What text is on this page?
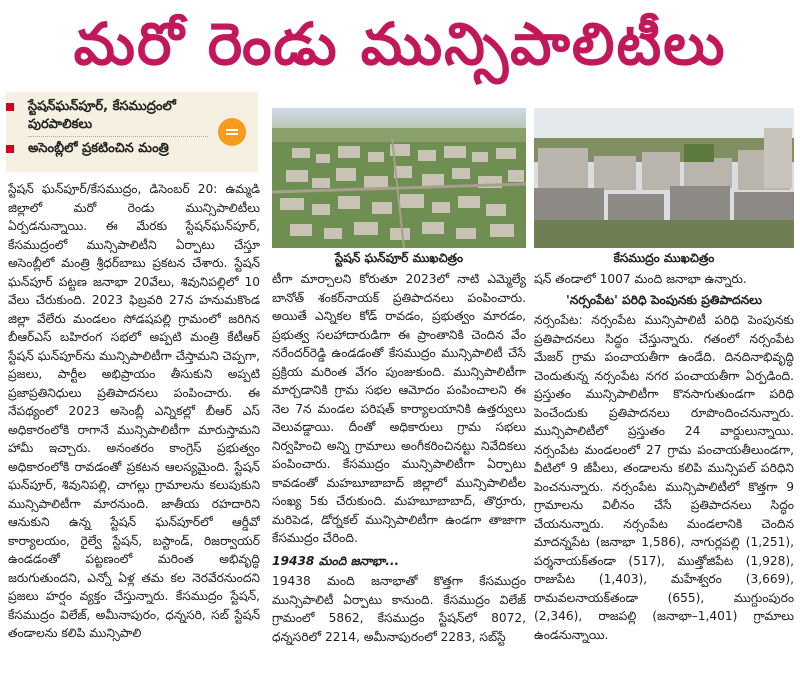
మరో రెండు మున్సిపాలిటీలు
స్టేషన్‌ఘన్‌పూర్‌, కేసముద్రంలో పురపాలికలు
అసెంబ్లీలో ప్రకటించిన మంత్రి
స్టేషన్‌ ఘన్‌పూర్‌ ముఖచిత్రం	కేసముద్రం ముఖచిత్రం

స్టేషన్‌ ఘన్‌పూర్‌/కేసముద్రం, డిసెంబర్‌ 20: ఉమ్మడి జిల్లాలో మరో రెండు మున్సిపాలిటీలు ఏర్పడనున్నాయి. ఈ మేరకు స్టేషన్‌ఘన్‌పూర్‌, కేసముద్రంలో మున్సిపాలిటీని ఏర్పాటు చేస్తూ అసెంబ్లీలో మంత్రి శ్రీధర్‌బాబు ప్రకటన చేశారు. స్టేషన్‌ ఘన్‌పూర్‌ పట్టణ జనాభా 20వేలు, శివునిపల్లిలో 10 వేలు చేరుకుంది. 2023 ఫిబ్రవరి 27న హనుమకొండ జిల్లా వేలేరు మండలం సోడషపల్లి గ్రామంలో జరిగిన బీఆర్‌ఎస్‌ బహిరంగ సభలో అప్పటి మంత్రి కేటీఆర్‌ స్టేషన్‌ ఘన్‌పూర్‌ను మున్సిపాలిటీగా చేస్తామని చెప్పగా, ప్రజలు, పార్టీల అభిప్రాయం తీసుకుని అప్పటి ప్రజాప్రతినిధులు ప్రతిపాదనలు పంపించారు. ఈ నేపథ్యంలో 2023 అసెంబ్లీ ఎన్నికల్లో బీఆర్‌ ఎస్‌ అధికారంలోకి రాగానే మున్సిపాలిటీగా మారుస్తామని హామీ ఇచ్చారు. అనంతరం కాంగ్రెస్‌ ప్రభుత్వం అధికారంలోకి రావడంతో ప్రకటన ఆలస్యమైంది. స్టేషన్‌ ఘన్‌పూర్‌, శివునిపల్లి, చాగల్లు గ్రామాలను కలుపుకుని మున్సిపాలిటీగా మారనుంది. జాతీయ రహదారిని ఆనుకుని ఉన్న స్టేషన్‌ ఘన్‌పూర్‌లో ఆర్డీవో కార్యాలయం, రైల్వే స్టేషన్‌, బస్టాండ్‌, రిజర్వాయర్‌ ఉండడంతో పట్టణంలో మరింత అభివృద్ధి జరుగుతుందని, ఎన్నో ఏళ్ల తమ కల నెరవేరనుందని ప్రజలు హర్షం వ్యక్తం చేస్తున్నారు. కేసముద్రం స్టేషన్‌, కేసముద్రం విలేజ్‌, అమీనాపురం, ధన్నసరి, సబ్‌ స్టేషన్‌ తండాలను కలిపి మున్సిపాలి

టీగా మార్చాలని కోరుతూ 2023లో నాటి ఎమ్మెల్యే బానోత్‌ శంకర్‌నాయక్‌ ప్రతిపాదనలు పంపించారు. అయితే ఎన్నికల కోడ్‌ రావడం, ప్రభుత్వం మారడం, ప్రభుత్వ సలహాదారుడిగా ఈ ప్రాంతానికి చెందిన వేం నరేందర్‌రెడ్డి ఉండడంతో కేసముద్రం మున్సిపాలిటీ చేసే ప్రక్రియ మరింత వేగం పుంజుకుంది. మున్సిపాలిటీగా మార్చడానికి గ్రామ సభల ఆమోదం పంపించాలని ఈ నెల 7న మండల పరిషత్‌ కార్యాలయానికి ఉత్తర్వులు వెలువడ్డాయి. దీంతో అధికారులు గ్రామ సభలు నిర్వహించి అన్ని గ్రామాలు అంగీకరించినట్టు నివేదికలు పంపించారు. కేసముద్రం మున్సిపాలిటీగా ఏర్పాటు కావడంతో మహబూబాబాద్‌ జిల్లాలో మున్సిపాలిటీల సంఖ్య 5కు చేరుకుంది. మహబూబాబాద్‌, తొర్రూరు, మరిపెడ, డోర్నకల్‌ మున్సిపాలిటీగా ఉండగా తాజాగా కేసముద్రం చేరింది.

19438 మంది జనాభా...

19438 మంది జనాభాతో కొత్తగా కేసముద్రం మున్సిపాలిటీ ఏర్పాటు కానుంది. కేసముద్రం విలేజ్‌ గ్రామంలో 5862, కేసముద్రం స్టేషన్‌లో 8072, ధన్నసరిలో 2214, అమీనాపురంలో 2283, సబ్‌స్టే

షన్‌ తండాలో 1007 మంది జనాభా ఉన్నారు.

'నర్సంపేట' పరిధి పెంపునకు ప్రతిపాదనలు

నర్సంపేట: నర్సంపేట మున్సిపాలిటీ పరిధి పెంపునకు ప్రతిపాదనలు సిద్ధం చేస్తున్నారు. గతంలో నర్సంపేట మేజర్‌ గ్రామ పంచాయతీగా ఉండేది. దినదినాభివృద్ధి చెందుతున్న నర్సంపేట నగర పంచాయతీగా ఏర్పడింది. ప్రస్తుతం మున్సిపాలిటీగా కొనసాగుతుండగా పరిధి పెంచేందుకు ప్రతిపాదనలు రూపొందించనున్నారు. మున్సిపాలిటీలో ప్రస్తుతం 24 వార్డులున్నాయి. నర్సంపేట మండలంలో 27 గ్రామ పంచాయతీలుండగా, వీటిలో 9 జీపీలు, తండాలను కలిపి మున్సిపల్‌ పరిధిని పెంచనున్నారు. నర్సంపేట మున్సిపాలిటీలో కొత్తగా 9 గ్రామాలను విలీనం చేసే ప్రతిపాదనలు సిద్ధం చేయనున్నారు. నర్సంపేట మండలానికి చెందిన మాదన్నపేట (జనాభా 1,586), నాగుర్లపల్లి (1,251), పర్శనాయక్‌తండా (517), ముత్తోజిపేట (1,928), రాజుపేట (1,403), మహేశ్వరం (3,669), రామవలనాయక్‌తండా (655), ముగ్దుంపురం (2,346), రాజపల్లి (జనాభా–1,401) గ్రామాలు ఉండనున్నాయి.
